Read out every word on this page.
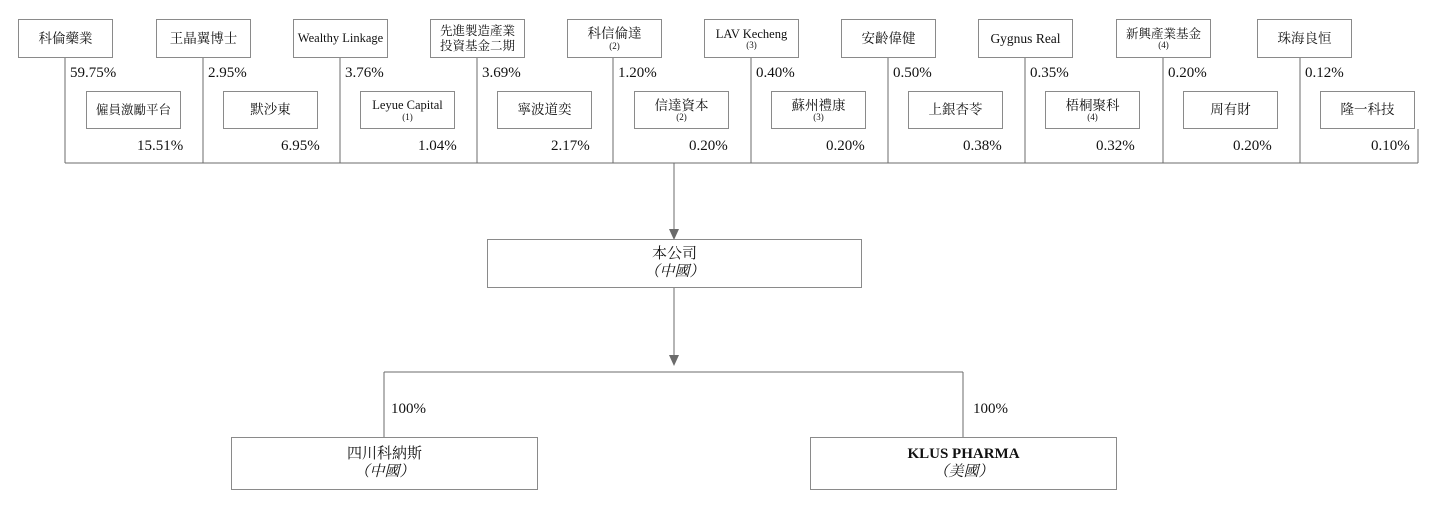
科倫藥業	王晶翼博士	Wealthy Linkage
先進製造產業投資基金二期
科信倫達
(2)
LAV Kecheng
(3)	安齡偉健	Gygnus Real	新興產業基金
(4)	珠海良恒
59.75%	2.95%	3.76%	3.69%	1.20%	0.40%	0.50%	0.35%	0.20%	0.12%
僱員激勵平台	默沙東	Leyue Capital
(1)	寧波道奕	信達資本
(2)
蘇州禮康
(3)
上銀杏苓	梧桐聚科
(4)
周有財	隆一科技
15.51%	6.95%	1.04%	2.17%	0.20%	0.20%	0.38%	0.32%	0.20%	0.10%
本公司
（中國）
100%	100%
四川科納斯
（中國）
KLUS PHARMA
（美國）
